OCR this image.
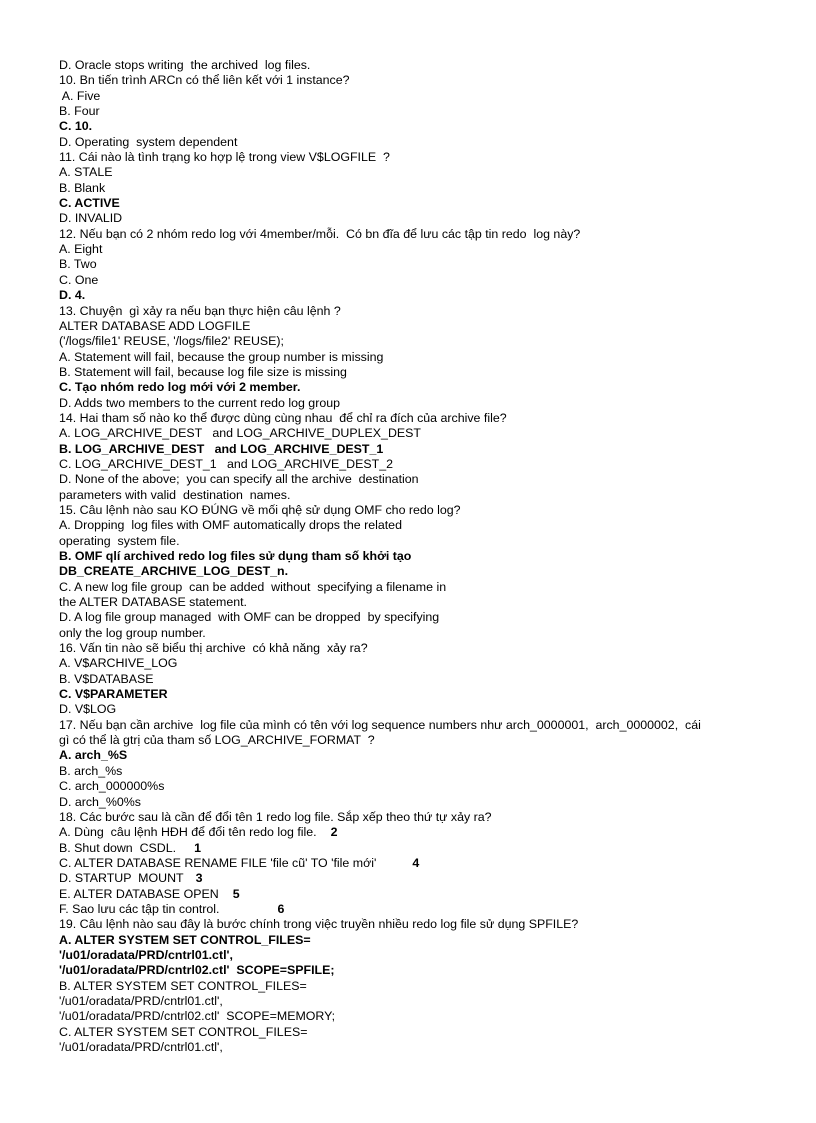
D. Oracle stops writing  the archived  log files.
10. Bn tiến trình ARCn có thể liên kết với 1 instance?
A. Five
B. Four
C. 10.
D. Operating  system dependent
11. Cái nào là tình trạng ko hợp lệ trong view V$LOGFILE  ?
A. STALE
B. Blank
C. ACTIVE
D. INVALID
12. Nếu bạn có 2 nhóm redo log với 4member/mỗi.  Có bn đĩa để lưu các tập tin redo  log này?
A. Eight
B. Two
C. One
D. 4.
13. Chuyện  gì xảy ra nếu bạn thực hiện câu lệnh ?
ALTER DATABASE ADD LOGFILE
('/logs/file1' REUSE, '/logs/file2' REUSE);
A. Statement will fail, because the group number is missing
B. Statement will fail, because log file size is missing
C. Tạo nhóm redo log mới với 2 member.
D. Adds two members to the current redo log group
14. Hai tham số nào ko thể được dùng cùng nhau  để chỉ ra đích của archive file?
A. LOG_ARCHIVE_DEST   and LOG_ARCHIVE_DUPLEX_DEST
B. LOG_ARCHIVE_DEST   and LOG_ARCHIVE_DEST_1
C. LOG_ARCHIVE_DEST_1   and LOG_ARCHIVE_DEST_2
D. None of the above;  you can specify all the archive  destination
parameters with valid  destination  names.
15. Câu lệnh nào sau KO ĐÚNG về mối qhệ sử dụng OMF cho redo log?
A. Dropping  log files with OMF automatically drops the related
operating  system file.
B. OMF qlí archived redo log files sử dụng tham số khởi tạo
DB_CREATE_ARCHIVE_LOG_DEST_n.
C. A new log file group  can be added  without  specifying a filename in
the ALTER DATABASE statement.
D. A log file group managed  with OMF can be dropped  by specifying
only the log group number.
16. Vấn tin nào sẽ biểu thị archive  có khả năng  xảy ra?
A. V$ARCHIVE_LOG
B. V$DATABASE
C. V$PARAMETER
D. V$LOG
17. Nếu bạn cần archive  log file của mình có tên với log sequence numbers như arch_0000001,  arch_0000002,  cái
gì có thể là gtrị của tham số LOG_ARCHIVE_FORMAT  ?
A. arch_%S
B. arch_%s
C. arch_000000%s
D. arch_%0%s
18. Các bước sau là cần để đổi tên 1 redo log file. Sắp xếp theo thứ tự xảy ra?
A. Dùng  câu lệnh HĐH để đổi tên redo log file. 2
B. Shut down  CSDL. 1
C. ALTER DATABASE RENAME FILE 'file cũ' TO 'file mới'	4
D. STARTUP  MOUNT 3
E. ALTER DATABASE OPEN 5
F. Sao lưu các tập tin control.	6
19. Câu lệnh nào sau đây là bước chính trong việc truyền nhiều redo log file sử dụng SPFILE?
A. ALTER SYSTEM SET CONTROL_FILES=
'/u01/oradata/PRD/cntrl01.ctl',
'/u01/oradata/PRD/cntrl02.ctl'  SCOPE=SPFILE;
B. ALTER SYSTEM SET CONTROL_FILES=
'/u01/oradata/PRD/cntrl01.ctl',
'/u01/oradata/PRD/cntrl02.ctl'  SCOPE=MEMORY;
C. ALTER SYSTEM SET CONTROL_FILES=
'/u01/oradata/PRD/cntrl01.ctl',
